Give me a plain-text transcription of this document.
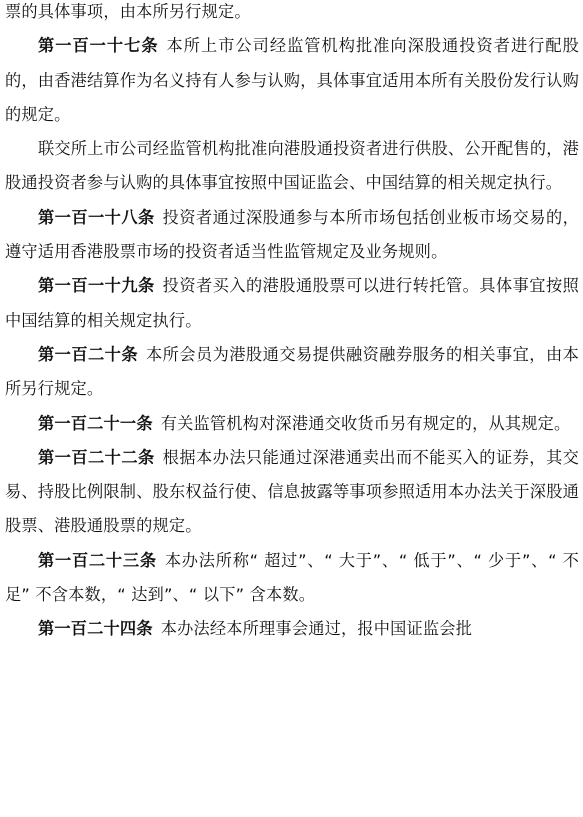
票的具体事项，由本所另行规定。

第一百一十七条 本所上市公司经监管机构批准向深股通投资者进行配股的，由香港结算作为名义持有人参与认购，具体事宜适用本所有关股份发行认购的规定。

联交所上市公司经监管机构批准向港股通投资者进行供股、公开配售的，港股通投资者参与认购的具体事宜按照中国证监会、中国结算的相关规定执行。

第一百一十八条 投资者通过深股通参与本所市场包括创业板市场交易的，遵守适用香港股票市场的投资者适当性监管规定及业务规则。

第一百一十九条 投资者买入的港股通股票可以进行转托管。具体事宜按照中国结算的相关规定执行。

第一百二十条 本所会员为港股通交易提供融资融券服务的相关事宜，由本所另行规定。

第一百二十一条 有关监管机构对深港通交收货币另有规定的，从其规定。

第一百二十二条 根据本办法只能通过深港通卖出而不能买入的证券，其交易、持股比例限制、股东权益行使、信息披露等事项参照适用本办法关于深股通股票、港股通股票的规定。

第一百二十三条 本办法所称“ 超过”、“ 大于”、“ 低于”、“ 少于”、“ 不足” 不含本数，“ 达到”、“ 以下” 含本数。

第一百二十四条 本办法经本所理事会通过，报中国证监会批
